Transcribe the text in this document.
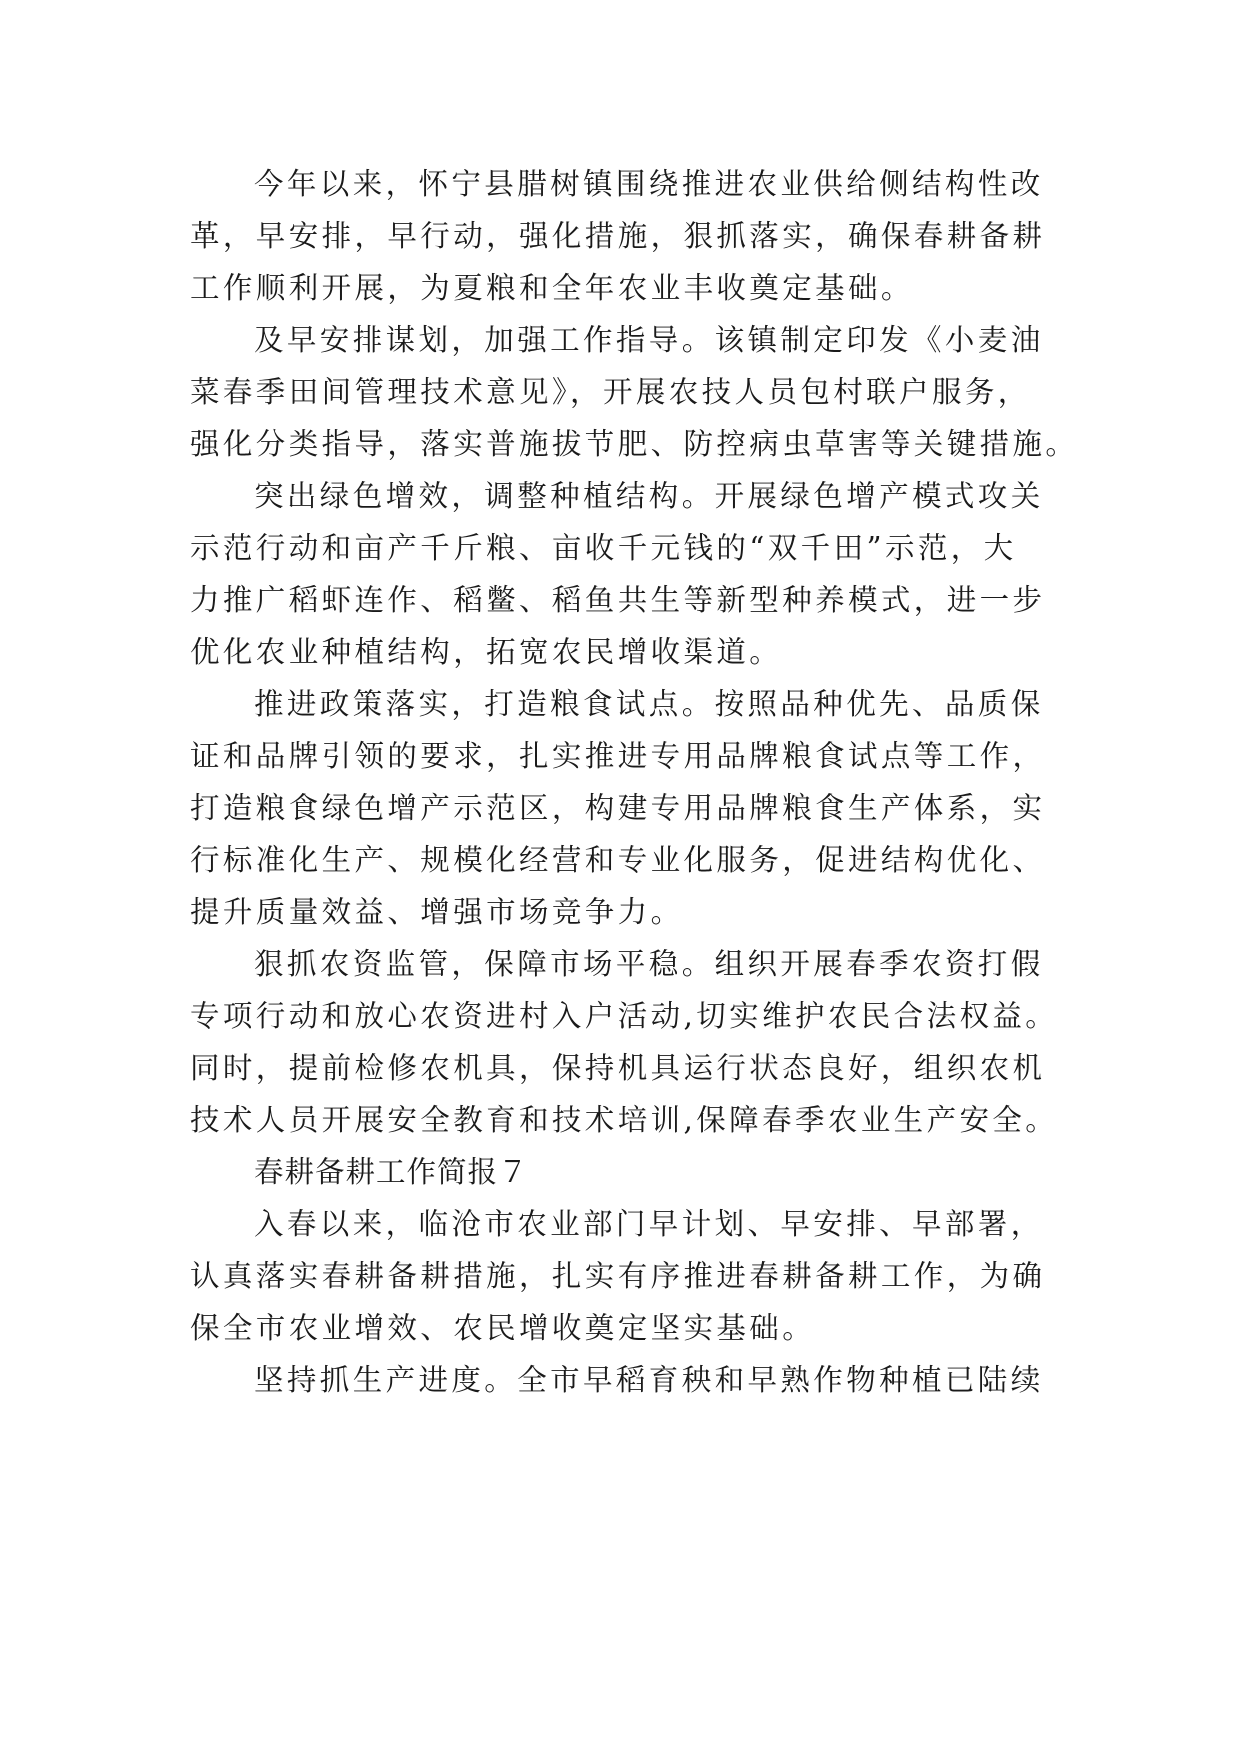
今年以来，怀宁县腊树镇围绕推进农业供给侧结构性改
革，早安排，早行动，强化措施，狠抓落实，确保春耕备耕
工作顺利开展，为夏粮和全年农业丰收奠定基础。
及早安排谋划，加强工作指导。该镇制定印发《小麦油
菜春季田间管理技术意见》，开展农技人员包村联户服务，
强化分类指导，落实普施拔节肥、防控病虫草害等关键措施。
突出绿色增效，调整种植结构。开展绿色增产模式攻关
示范行动和亩产千斤粮、亩收千元钱的“双千田”示范，大
力推广稻虾连作、稻鳖、稻鱼共生等新型种养模式，进一步
优化农业种植结构，拓宽农民增收渠道。
推进政策落实，打造粮食试点。按照品种优先、品质保
证和品牌引领的要求，扎实推进专用品牌粮食试点等工作，
打造粮食绿色增产示范区，构建专用品牌粮食生产体系，实
行标准化生产、规模化经营和专业化服务，促进结构优化、
提升质量效益、增强市场竞争力。
狠抓农资监管，保障市场平稳。组织开展春季农资打假
专项行动和放心农资进村入户活动,切实维护农民合法权益。
同时，提前检修农机具，保持机具运行状态良好，组织农机
技术人员开展安全教育和技术培训,保障春季农业生产安全。
春耕备耕工作简报７
入春以来，临沧市农业部门早计划、早安排、早部署，
认真落实春耕备耕措施，扎实有序推进春耕备耕工作，为确
保全市农业增效、农民增收奠定坚实基础。
坚持抓生产进度。全市早稻育秧和早熟作物种植已陆续
